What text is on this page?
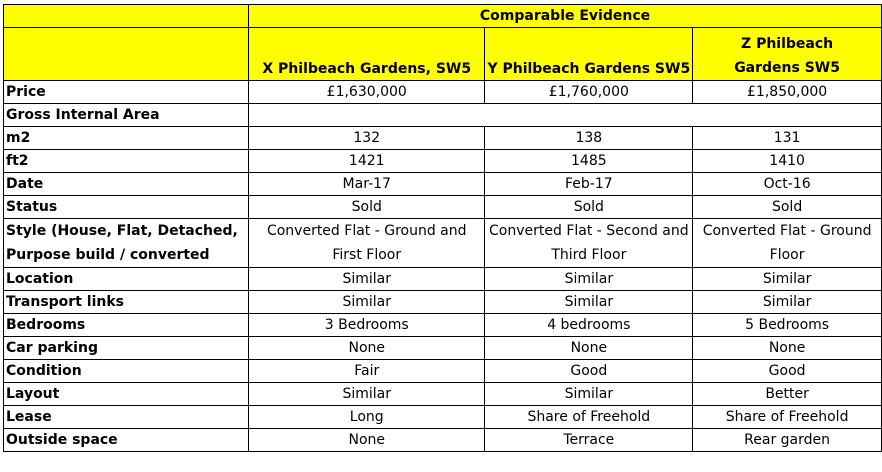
	Comparable Evidence		
	X Philbeach Gardens, SW5	Y Philbeach Gardens SW5	Z Philbeach Gardens SW5
Price	£1,630,000	£1,760,000	£1,850,000
Gross Internal Area			
m2	132	138	131
ft2	1421	1485	1410
Date	Mar-17	Feb-17	Oct-16
Status	Sold	Sold	Sold
Style (House, Flat, Detached, Purpose build / converted	Converted Flat - Ground and First Floor	Converted Flat - Second and Third Floor	Converted Flat - Ground Floor
Location	Similar	Similar	Similar
Transport links	Similar	Similar	Similar
Bedrooms	3 Bedrooms	4 bedrooms	5 Bedrooms
Car parking	None	None	None
Condition	Fair	Good	Good
Layout	Similar	Similar	Better
Lease	Long	Share of Freehold	Share of Freehold
Outside space	None	Terrace	Rear garden
